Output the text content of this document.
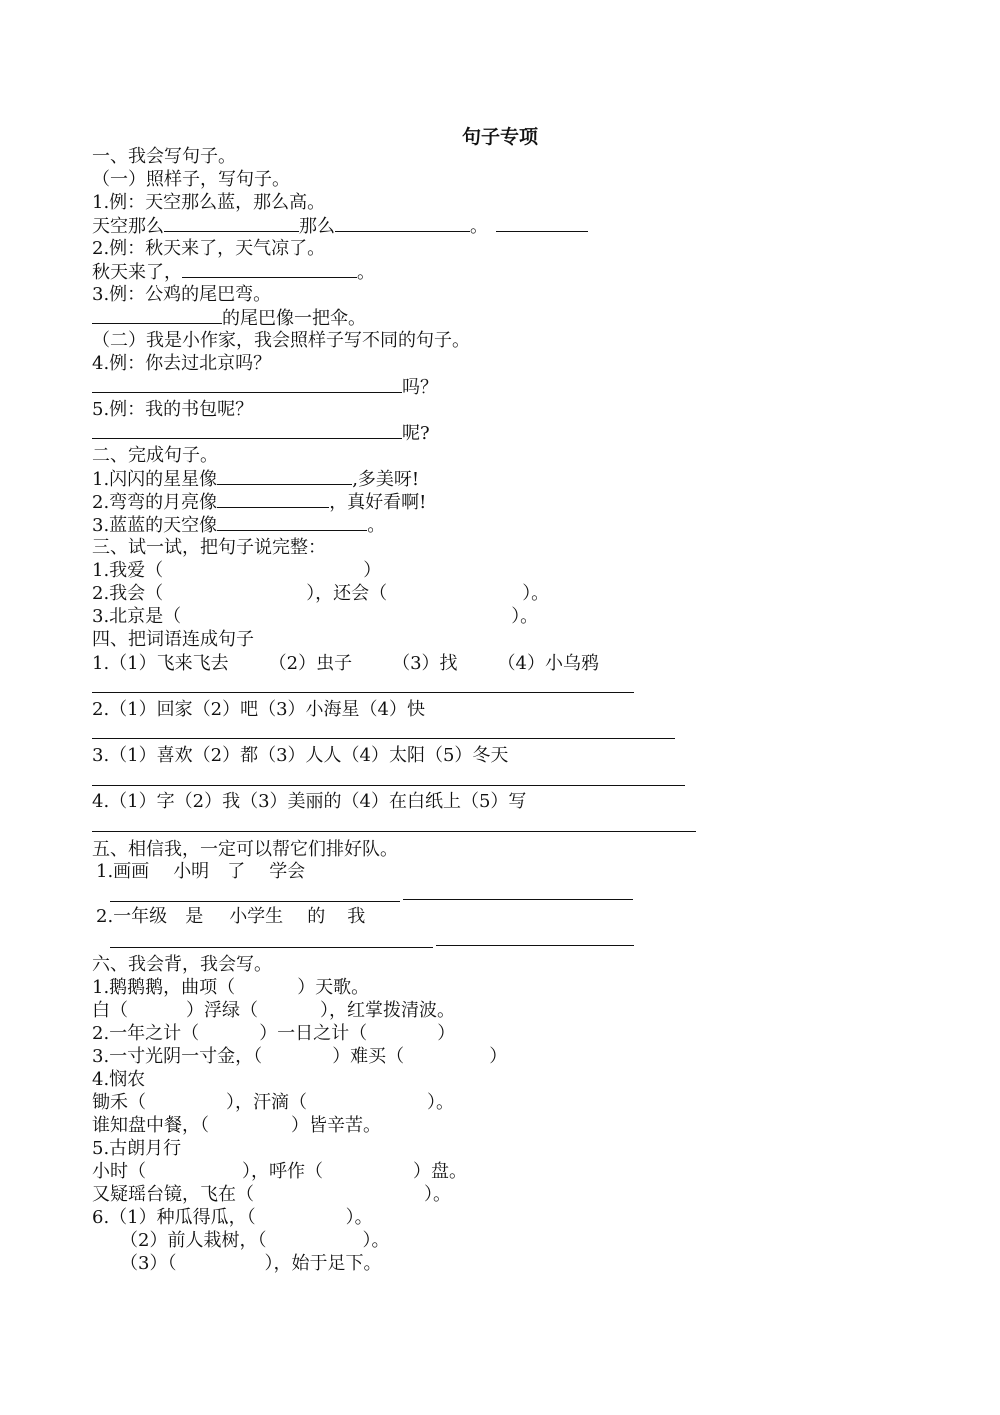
句子专项
一、我会写句子。
（一）照样子，写句子。
1.例：天空那么蓝，那么高。
天空那么	那么	。
2.例：秋天来了，天气凉了。
秋天来了，	。
3.例：公鸡的尾巴弯。
的尾巴像一把伞。
（二）我是小作家，我会照样子写不同的句子。
4.例：你去过北京吗？
吗？
5.例：我的书包呢？
呢?
二、完成句子。
1.闪闪的星星像	,多美呀!
2.弯弯的月亮像	，真好看啊!
3.蓝蓝的天空像	。
三、试一试，把句子说完整：
1.我爱（	）
2.我会（	），还会（	）。
3.北京是（	）。
四、把词语连成句子
1.（1）飞来飞去 （2）虫子 （3）找 （4）小乌鸦
2.（1）回家（2）吧（3）小海星（4）快
3.（1）喜欢（2）都（3）人人（4）太阳（5）冬天
4.（1）字（2）我（3）美丽的（4）在白纸上（5）写
五、相信我，一定可以帮它们排好队。
1.画画 小明 了 学会
2.一年级 是 小学生 的 我
六、我会背，我会写。
1.鹅鹅鹅，曲项（	）天歌。
白（	）浮绿（	），红掌拨清波。
2.一年之计（	）一日之计（	）
3.一寸光阴一寸金，（	）难买（	）
4.悯农
锄禾（	），汗滴（	）。
谁知盘中餐，（	）皆辛苦。
5.古朗月行
小时（	），呼作（	）盘。
又疑瑶台镜，飞在（	）。
6.（1）种瓜得瓜，（	）。
（2）前人栽树，（	）。
（3）（	），始于足下。
